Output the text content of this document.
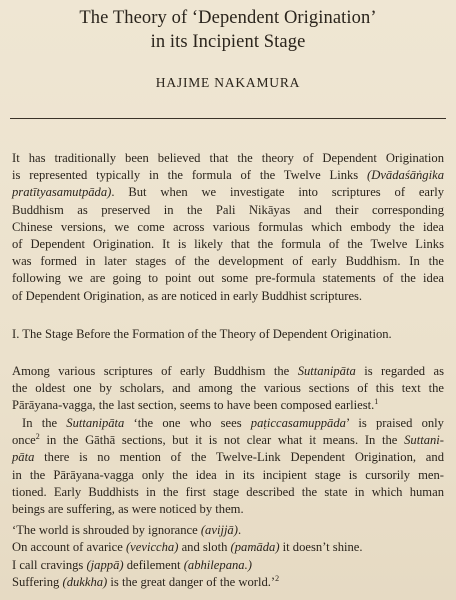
The Theory of ‘Dependent Origination’
in its Incipient Stage
HAJIME NAKAMURA
It has traditionally been believed that the theory of Dependent Origination
is represented typically in the formula of the Twelve Links (Dvādaśāṅgika
pratītyasamutpāda). But when we investigate into scriptures of early
Buddhism as preserved in the Pali Nikāyas and their corresponding
Chinese versions, we come across various formulas which embody the idea
of Dependent Origination. It is likely that the formula of the Twelve Links
was formed in later stages of the development of early Buddhism. In the
following we are going to point out some pre-formula statements of the idea
of Dependent Origination, as are noticed in early Buddhist scriptures.
I. The Stage Before the Formation of the Theory of Dependent Origination.
Among various scriptures of early Buddhism the Suttanipāta is regarded as
the oldest one by scholars, and among the various sections of this text the
Pārāyana-vagga, the last section, seems to have been composed earliest.$^1$
In the Suttanipāta ‘the one who sees paṭiccasamuppāda’ is praised only
once$^2$ in the Gāthā sections, but it is not clear what it means. In the Suttani-
pāta there is no mention of the Twelve-Link Dependent Origination, and
in the Pārāyana-vagga only the idea in its incipient stage is cursorily men-
tioned. Early Buddhists in the first stage described the state in which human
beings are suffering, as were noticed by them.
‘The world is shrouded by ignorance (avijjā).
On account of avarice (veviccha) and sloth (pamāda) it doesn’t shine.
I call cravings (jappā) defilement (abhilepana.)
Suffering (dukkha) is the great danger of the world.’$^2$
